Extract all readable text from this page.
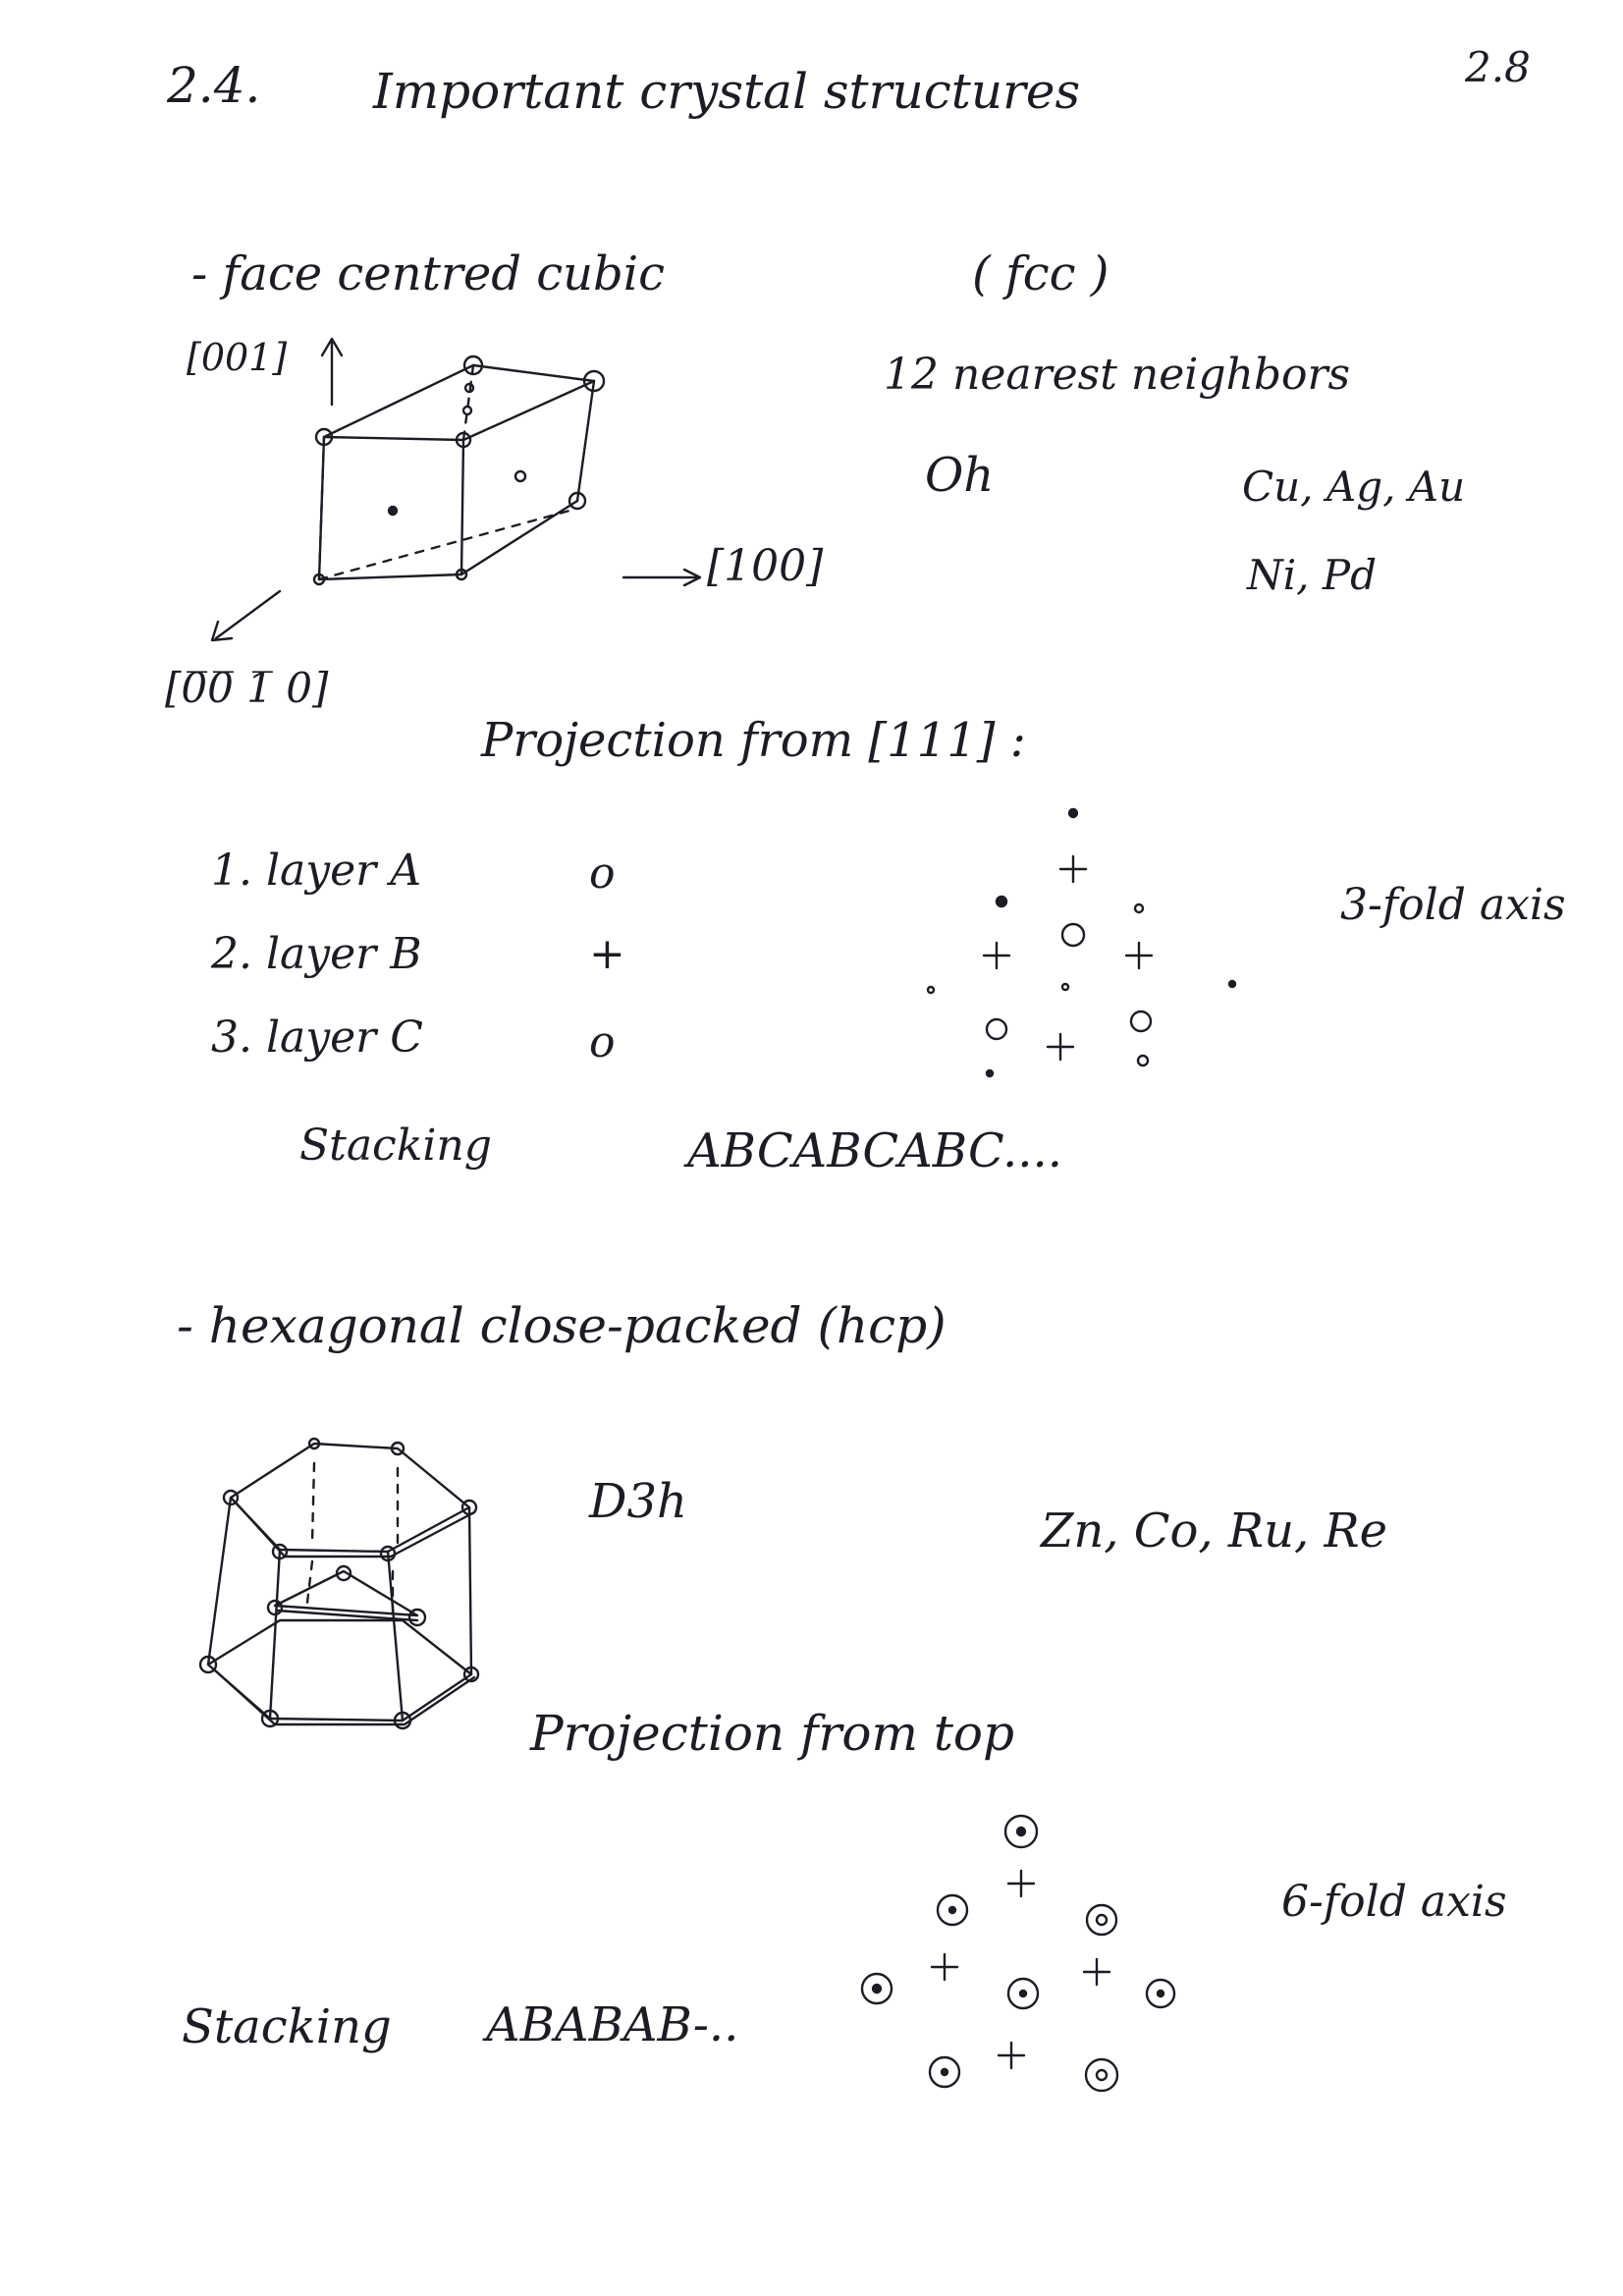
2.4. Important crystal structures	2.8
- face centred cubic	( fcc )
[001]	12 nearest neighbors
Oh	Cu, Ag, Au
Ni, Pd
[100]
[0̅0̅ 1̅ 0]
Projection from [111] :
1. layer A	o
2. layer B	+
3. layer C	o
3-fold axis
Stacking	ABCABCABC....
- hexagonal close-packed (hcp)
D3h
Zn, Co, Ru, Re
Projection from top
6-fold axis
Stacking ABABAB-..
